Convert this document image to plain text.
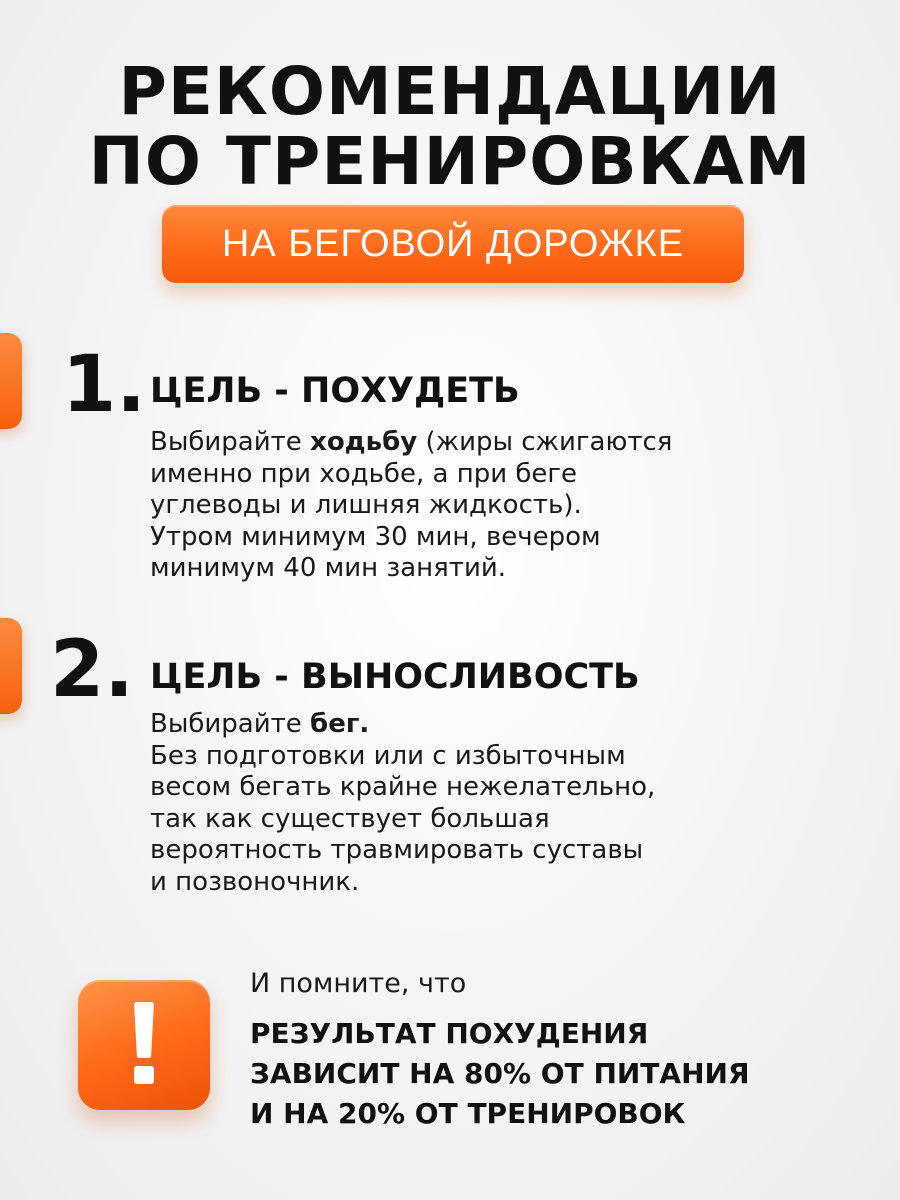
РЕКОМЕНДАЦИИ
ПО ТРЕНИРОВКАМ
НА БЕГОВОЙ ДОРОЖКЕ
1. ЦЕЛЬ - ПОХУДЕТЬ
Выбирайте ходьбу (жиры сжигаются
именно при ходьбе, а при беге
углеводы и лишняя жидкость).
Утром минимум 30 мин, вечером
минимум 40 мин занятий.
2. ЦЕЛЬ - ВЫНОСЛИВОСТЬ
Выбирайте бег.
Без подготовки или с избыточным
весом бегать крайне нежелательно,
так как существует большая
вероятность травмировать суставы
и позвоночник.
И помните, что
РЕЗУЛЬТАТ ПОХУДЕНИЯ
ЗАВИСИТ НА 80% ОТ ПИТАНИЯ
И НА 20% ОТ ТРЕНИРОВОК
